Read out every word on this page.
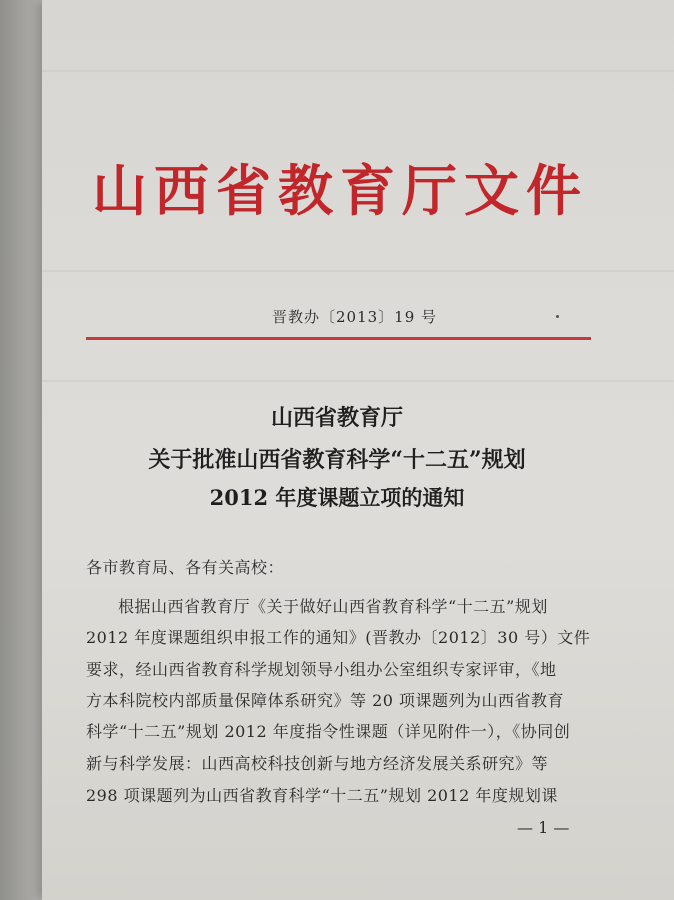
山西省教育厅文件
晋教办〔2013〕19 号
山西省教育厅
关于批准山西省教育科学“十二五”规划
2012 年度课题立项的通知
各市教育局、各有关高校：
根据山西省教育厅《关于做好山西省教育科学“十二五”规划
2012 年度课题组织申报工作的通知》(晋教办〔2012〕30 号）文件
要求，经山西省教育科学规划领导小组办公室组织专家评审，《地
方本科院校内部质量保障体系研究》等 20 项课题列为山西省教育
科学“十二五”规划 2012 年度指令性课题（详见附件一），《协同创
新与科学发展：山西高校科技创新与地方经济发展关系研究》等
298 项课题列为山西省教育科学“十二五”规划 2012 年度规划课
— 1 —
